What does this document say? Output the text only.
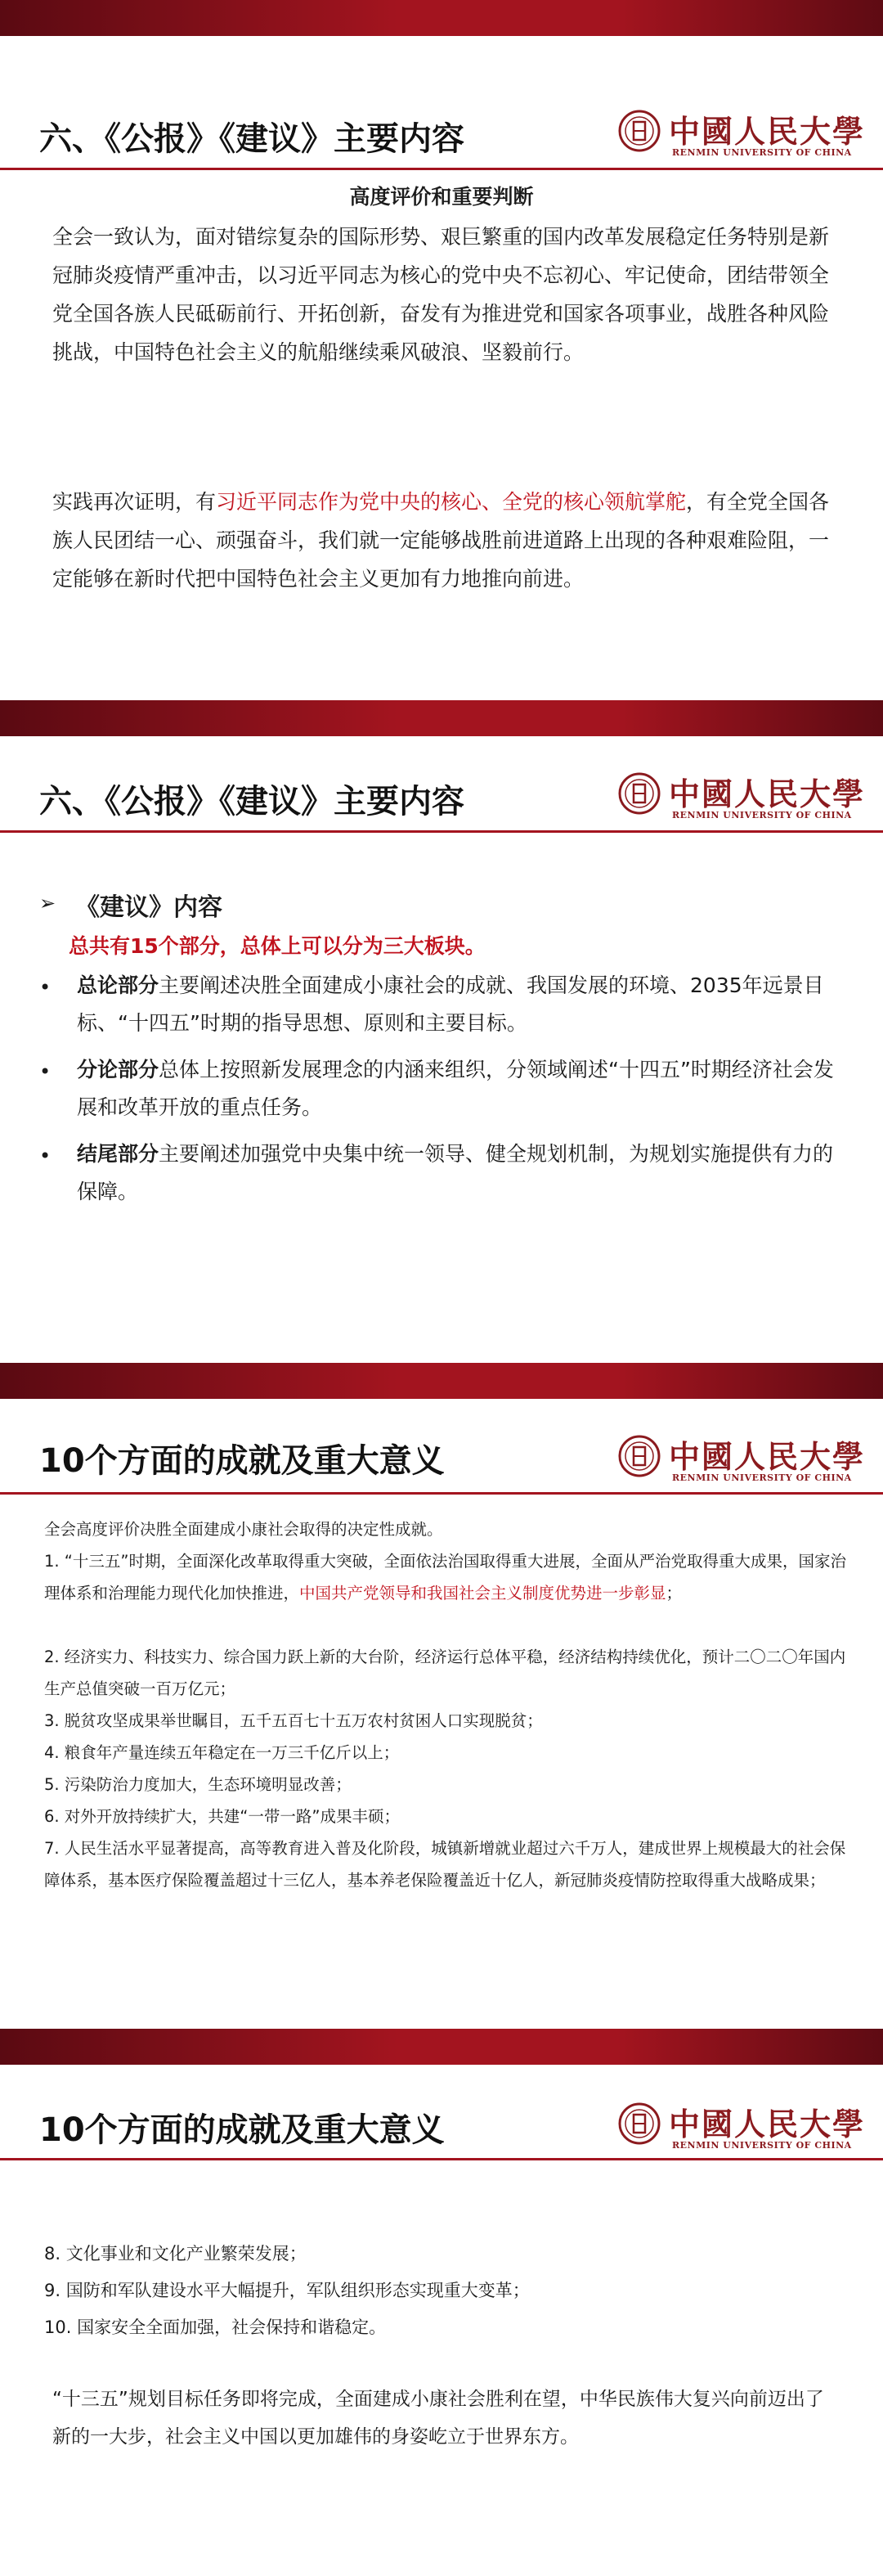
六、《公报》《建议》主要内容	中國人民大學
RENMIN UNIVERSITY OF CHINA
高度评价和重要判断
全会一致认为，面对错综复杂的国际形势、艰巨繁重的国内改革发展稳定任务特别是新冠肺炎疫情严重冲击，以习近平同志为核心的党中央不忘初心、牢记使命，团结带领全党全国各族人民砥砺前行、开拓创新，奋发有为推进党和国家各项事业，战胜各种风险挑战，中国特色社会主义的航船继续乘风破浪、坚毅前行。
实践再次证明，有习近平同志作为党中央的核心、全党的核心领航掌舵，有全党全国各族人民团结一心、顽强奋斗，我们就一定能够战胜前进道路上出现的各种艰难险阻，一定能够在新时代把中国特色社会主义更加有力地推向前进。
六、《公报》《建议》主要内容	中國人民大學
RENMIN UNIVERSITY OF CHINA
➢ 《建议》内容
总共有15个部分，总体上可以分为三大板块。
• 总论部分主要阐述决胜全面建成小康社会的成就、我国发展的环境、2035年远景目标、“十四五”时期的指导思想、原则和主要目标。
• 分论部分总体上按照新发展理念的内涵来组织，分领域阐述“十四五”时期经济社会发展和改革开放的重点任务。
• 结尾部分主要阐述加强党中央集中统一领导、健全规划机制，为规划实施提供有力的保障。
10个方面的成就及重大意义	中國人民大學
RENMIN UNIVERSITY OF CHINA
全会高度评价决胜全面建成小康社会取得的决定性成就。
1. “十三五”时期，全面深化改革取得重大突破，全面依法治国取得重大进展，全面从严治党取得重大成果，国家治理体系和治理能力现代化加快推进，中国共产党领导和我国社会主义制度优势进一步彰显；
2. 经济实力、科技实力、综合国力跃上新的大台阶，经济运行总体平稳，经济结构持续优化，预计二〇二〇年国内生产总值突破一百万亿元；
3. 脱贫攻坚成果举世瞩目，五千五百七十五万农村贫困人口实现脱贫；
4. 粮食年产量连续五年稳定在一万三千亿斤以上；
5. 污染防治力度加大，生态环境明显改善；
6. 对外开放持续扩大，共建“一带一路”成果丰硕；
7. 人民生活水平显著提高，高等教育进入普及化阶段，城镇新增就业超过六千万人，建成世界上规模最大的社会保障体系，基本医疗保险覆盖超过十三亿人，基本养老保险覆盖近十亿人，新冠肺炎疫情防控取得重大战略成果；
10个方面的成就及重大意义	中國人民大學
RENMIN UNIVERSITY OF CHINA
8. 文化事业和文化产业繁荣发展；
9. 国防和军队建设水平大幅提升，军队组织形态实现重大变革；
10. 国家安全全面加强，社会保持和谐稳定。
“十三五”规划目标任务即将完成，全面建成小康社会胜利在望，中华民族伟大复兴向前迈出了新的一大步，社会主义中国以更加雄伟的身姿屹立于世界东方。
